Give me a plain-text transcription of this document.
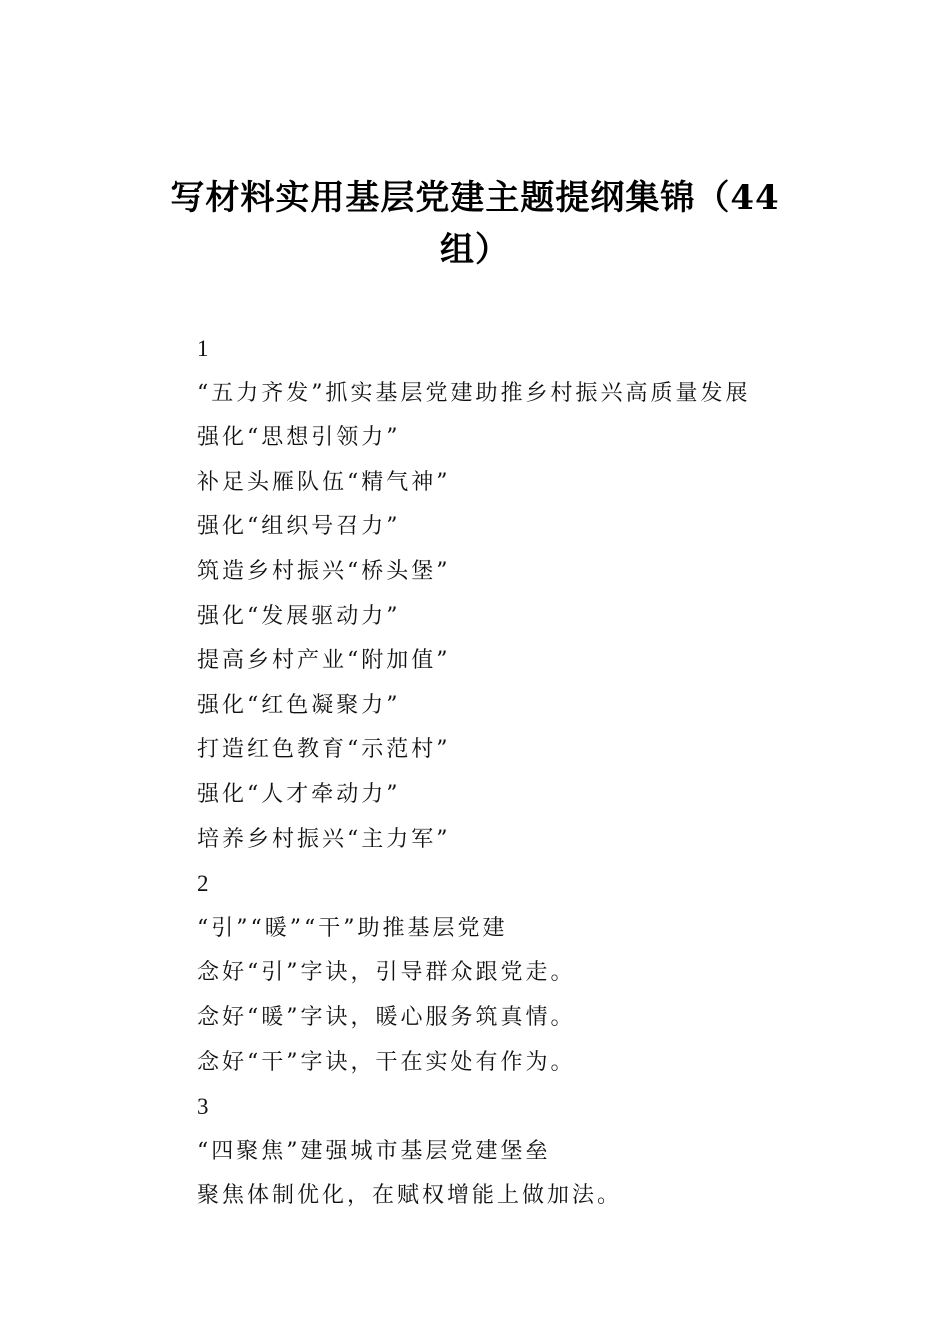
写材料实用基层党建主题提纲集锦（44组）
1
“五力齐发”抓实基层党建助推乡村振兴高质量发展
强化“思想引领力”
补足头雁队伍“精气神”
强化“组织号召力”
筑造乡村振兴“桥头堡”
强化“发展驱动力”
提高乡村产业“附加值”
强化“红色凝聚力”
打造红色教育“示范村”
强化“人才牵动力”
培养乡村振兴“主力军”
2
“引”“暖”“干”助推基层党建
念好“引”字诀，引导群众跟党走。
念好“暖”字诀，暖心服务筑真情。
念好“干”字诀，干在实处有作为。
3
“四聚焦”建强城市基层党建堡垒
聚焦体制优化，在赋权增能上做加法。
